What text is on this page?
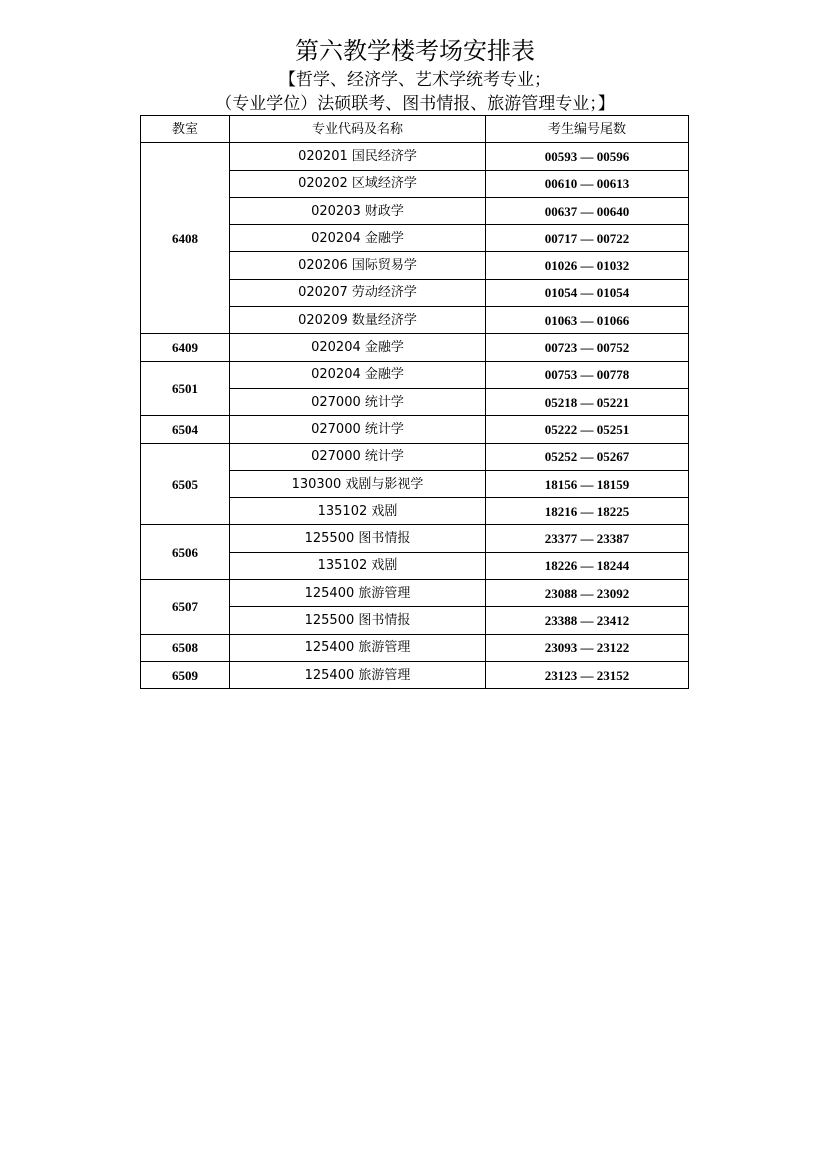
第六教学楼考场安排表
【哲学、经济学、艺术学统考专业；
（专业学位）法硕联考、图书情报、旅游管理专业；】
教室	专业代码及名称	考生编号尾数
6408	020201 国民经济学	00593 — 00596
	020202 区域经济学	00610 — 00613
	020203 财政学	00637 — 00640
	020204 金融学	00717 — 00722
	020206 国际贸易学	01026 — 01032
	020207 劳动经济学	01054 — 01054
	020209 数量经济学	01063 — 01066
6409	020204 金融学	00723 — 00752
6501	020204 金融学	00753 — 00778
	027000 统计学	05218 — 05221
6504	027000 统计学	05222 — 05251
6505	027000 统计学	05252 — 05267
	130300 戏剧与影视学	18156 — 18159
	135102 戏剧	18216 — 18225
6506	125500 图书情报	23377 — 23387
	135102 戏剧	18226 — 18244
6507	125400 旅游管理	23088 — 23092
	125500 图书情报	23388 — 23412
6508	125400 旅游管理	23093 — 23122
6509	125400 旅游管理	23123 — 23152
